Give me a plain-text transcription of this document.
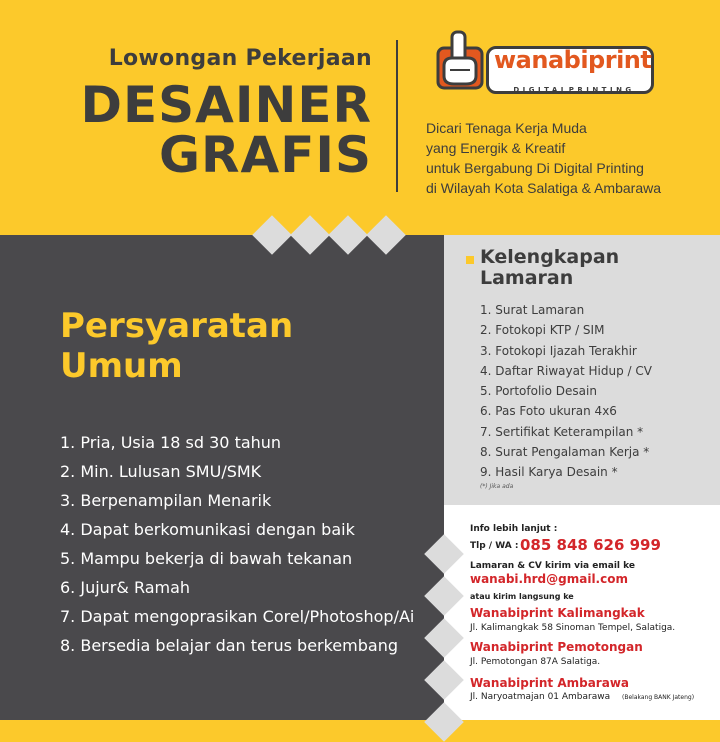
Lowongan Pekerjaan
DESAINER
GRAFIS
wanabiprint
DIGITALPRINTING
Dicari Tenaga Kerja Muda
yang Energik & Kreatif
untuk Bergabung Di Digital Printing
di Wilayah Kota Salatiga & Ambarawa
Persyaratan
Umum
1. Pria, Usia 18 sd 30 tahun
2. Min. Lulusan SMU/SMK
3. Berpenampilan Menarik
4. Dapat berkomunikasi dengan baik
5. Mampu bekerja di bawah tekanan
6. Jujur& Ramah
7. Dapat mengoprasikan Corel/Photoshop/Ai
8. Bersedia belajar dan terus berkembang
Kelengkapan
Lamaran
1. Surat Lamaran
2. Fotokopi KTP / SIM
3. Fotokopi Ijazah Terakhir
4. Daftar Riwayat Hidup / CV
5. Portofolio Desain
6. Pas Foto ukuran 4x6
7. Sertifikat Keterampilan *
8. Surat Pengalaman Kerja *
9. Hasil Karya Desain *
(*) Jika ada
Info lebih lanjut :
Tlp / WA : 085 848 626 999
Lamaran & CV kirim via email ke
wanabi.hrd@gmail.com
atau kirim langsung ke
Wanabiprint Kalimangkak
Jl. Kalimangkak 58 Sinoman Tempel, Salatiga.
Wanabiprint Pemotongan
Jl. Pemotongan 87A Salatiga.
Wanabiprint Ambarawa
Jl. Naryoatmajan 01 Ambarawa (Belakang BANK Jateng)
